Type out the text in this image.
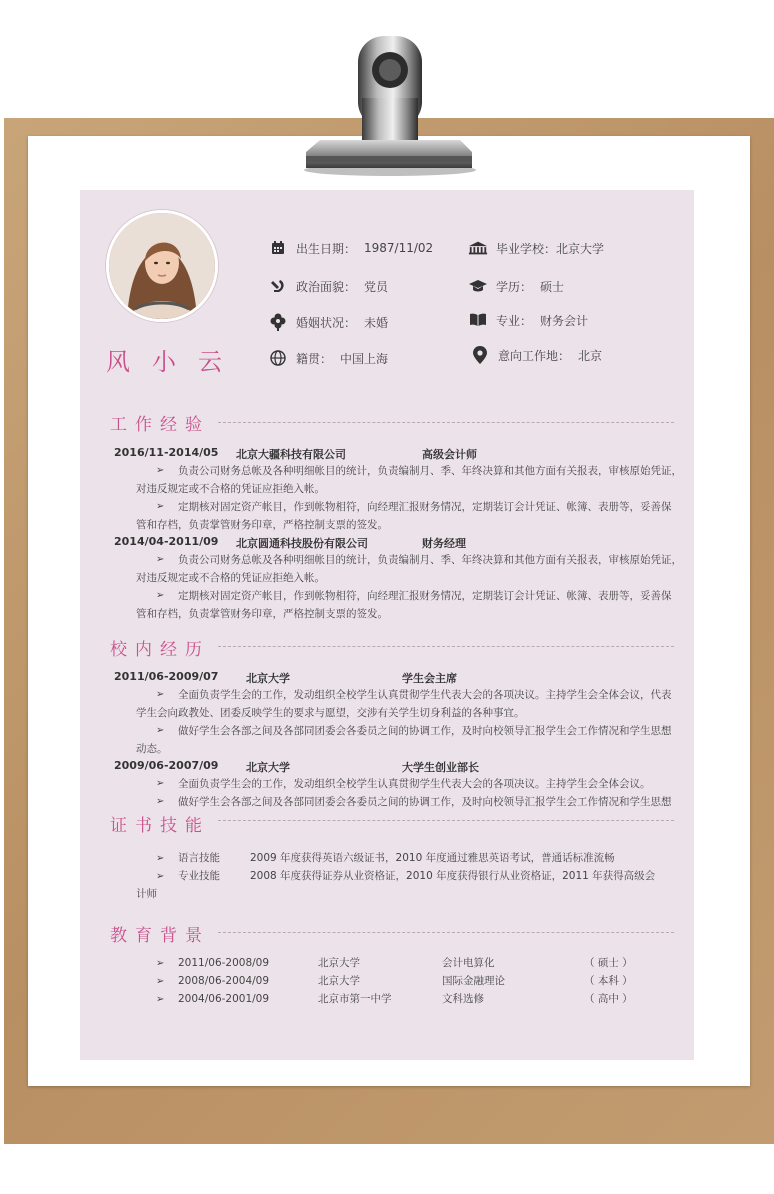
风小云
出生日期： 1987/11/02	毕业学校： 北京大学
政治面貌： 党员	学历： 硕士
婚姻状况： 未婚	专业： 财务会计
籍贯： 中国上海	意向工作地： 北京
工作经验
2016/11-2014/05 北京大疆科技有限公司	高级会计师
➢ 负责公司财务总帐及各种明细帐目的统计，负责编制月、季、年终决算和其他方面有关报表，审核原始凭证，
对违反规定或不合格的凭证应拒绝入帐。
➢ 定期核对固定资产帐目，作到帐物相符，向经理汇报财务情况，定期装订会计凭证、帐簿、表册等，妥善保
管和存档，负责掌管财务印章，严格控制支票的签发。
2014/04-2011/09 北京圆通科技股份有限公司	财务经理
➢ 负责公司财务总帐及各种明细帐目的统计，负责编制月、季、年终决算和其他方面有关报表，审核原始凭证，
对违反规定或不合格的凭证应拒绝入帐。
➢ 定期核对固定资产帐目，作到帐物相符，向经理汇报财务情况，定期装订会计凭证、帐簿、表册等，妥善保
管和存档，负责掌管财务印章，严格控制支票的签发。
校内经历
2011/06-2009/07	北京大学	学生会主席
➢ 全面负责学生会的工作，发动组织全校学生认真贯彻学生代表大会的各项决议。主持学生会全体会议，代表
学生会向政教处、团委反映学生的要求与愿望，交涉有关学生切身利益的各种事宜。
➢ 做好学生会各部之间及各部同团委会各委员之间的协调工作，及时向校领导汇报学生会工作情况和学生思想
动态。
2009/06-2007/09	北京大学	大学生创业部长
➢ 全面负责学生会的工作，发动组织全校学生认真贯彻学生代表大会的各项决议。主持学生会全体会议。
➢ 做好学生会各部之间及各部同团委会各委员之间的协调工作，及时向校领导汇报学生会工作情况和学生思想
证书技能
➢ 语言技能	2009 年度获得英语六级证书，2010 年度通过雅思英语考试，普通话标准流畅
➢ 专业技能	2008 年度获得证券从业资格证，2010 年度获得银行从业资格证，2011 年获得高级会
计师
教育背景
➢ 2011/06-2008/09	北京大学	会计电算化	（ 硕士 ）
➢ 2008/06-2004/09	北京大学	国际金融理论	（ 本科 ）
➢ 2004/06-2001/09	北京市第一中学	文科选修	（ 高中 ）
